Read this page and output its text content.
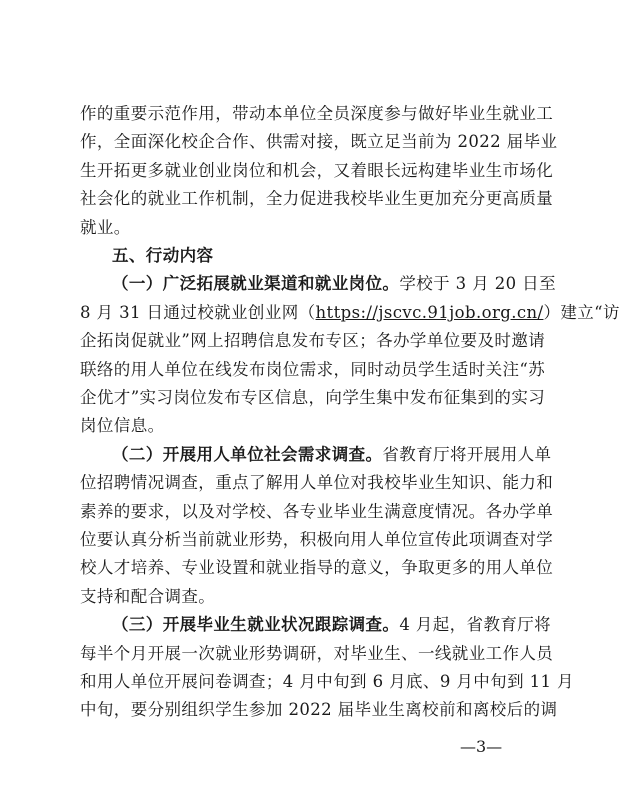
作的重要示范作用，带动本单位全员深度参与做好毕业生就业工
作，全面深化校企合作、供需对接，既立足当前为 2022 届毕业
生开拓更多就业创业岗位和机会，又着眼长远构建毕业生市场化
社会化的就业工作机制，全力促进我校毕业生更加充分更高质量
就业。
五、行动内容
（一）广泛拓展就业渠道和就业岗位。学校于 3 月 20 日至
8 月 31 日通过校就业创业网（https://jscvc.91job.org.cn/）建立“访
企拓岗促就业”网上招聘信息发布专区；各办学单位要及时邀请
联络的用人单位在线发布岗位需求，同时动员学生适时关注“苏
企优才”实习岗位发布专区信息，向学生集中发布征集到的实习
岗位信息。
（二）开展用人单位社会需求调查。省教育厅将开展用人单
位招聘情况调查，重点了解用人单位对我校毕业生知识、能力和
素养的要求，以及对学校、各专业毕业生满意度情况。各办学单
位要认真分析当前就业形势，积极向用人单位宣传此项调查对学
校人才培养、专业设置和就业指导的意义，争取更多的用人单位
支持和配合调查。
（三）开展毕业生就业状况跟踪调查。4 月起，省教育厅将
每半个月开展一次就业形势调研，对毕业生、一线就业工作人员
和用人单位开展问卷调查；4 月中旬到 6 月底、9 月中旬到 11 月
中旬，要分别组织学生参加 2022 届毕业生离校前和离校后的调
—3—
